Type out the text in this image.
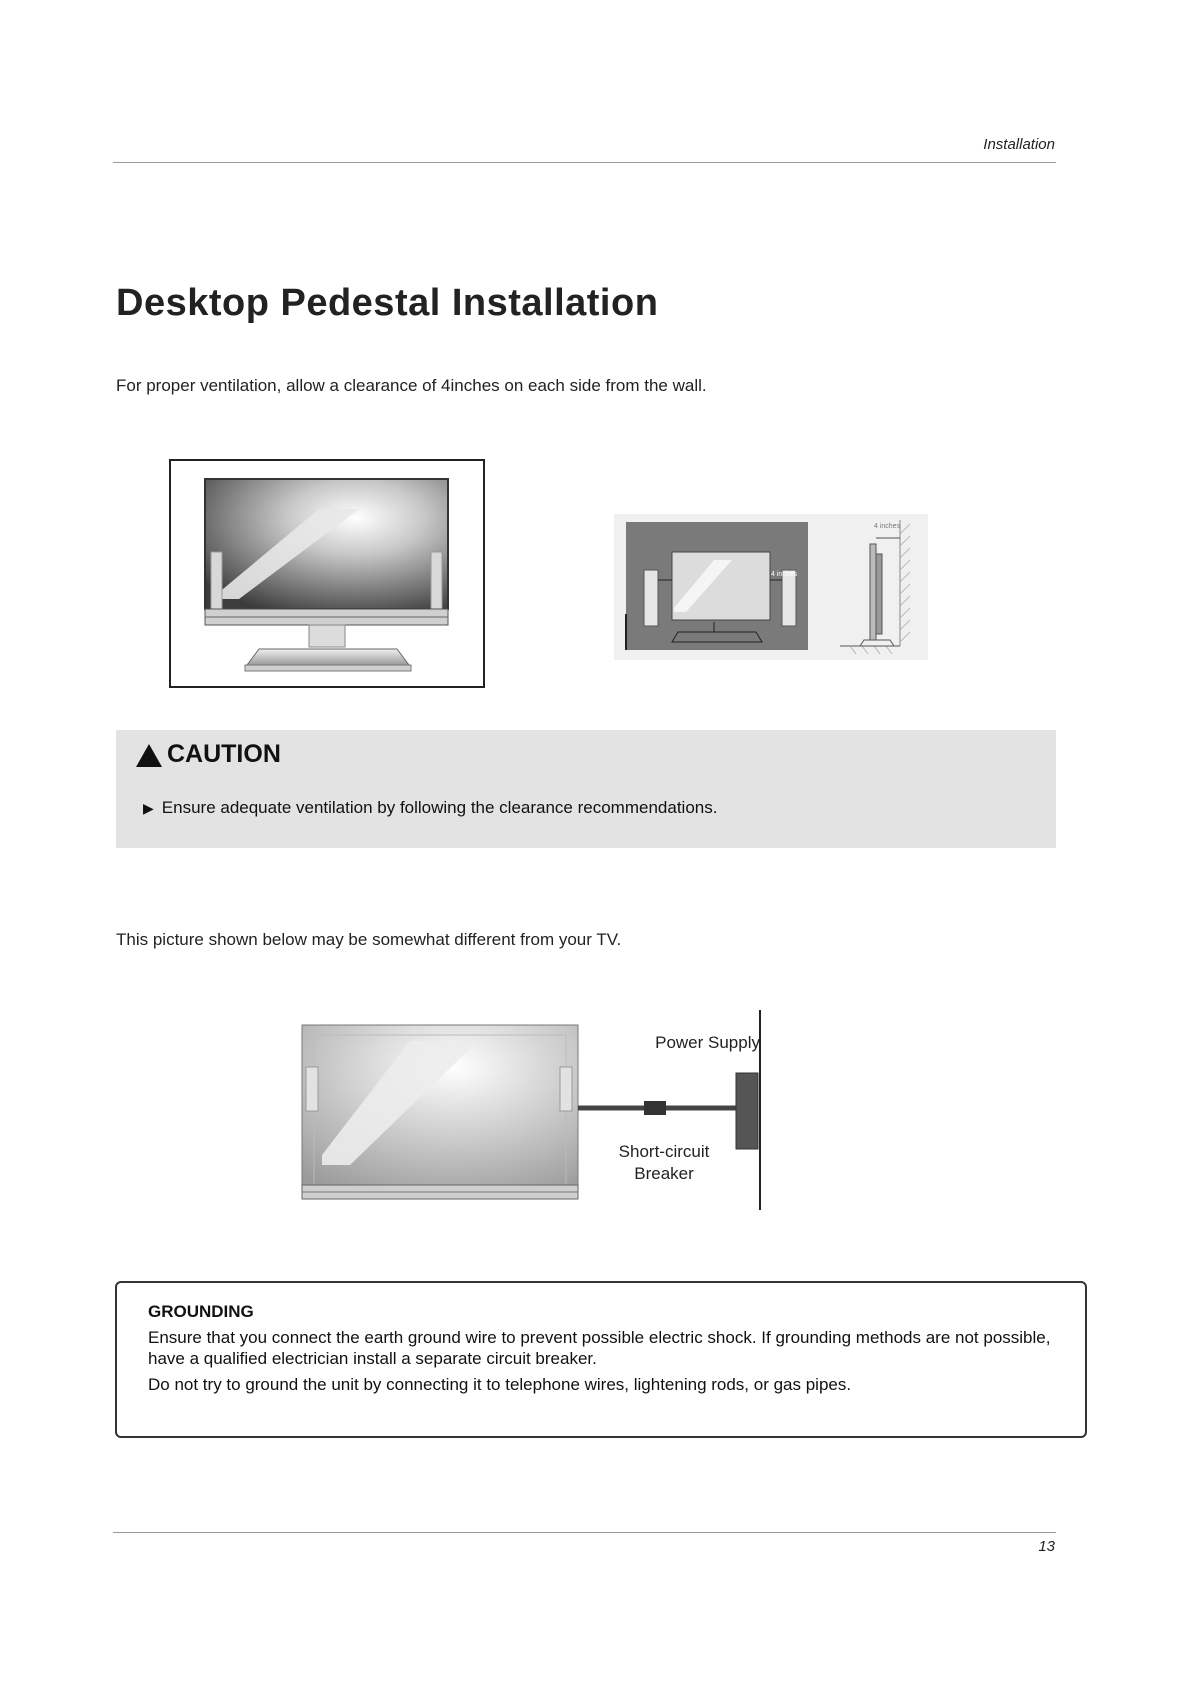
Installation
Desktop Pedestal Installation
For proper ventilation, allow a clearance of 4inches on each side from the wall.
4 inches
4 inches
CAUTION
▶ Ensure adequate ventilation by following the clearance recommendations.
This picture shown below may be somewhat different from your TV.
Power Supply
Short-circuit
Breaker
GROUNDING

Ensure that you connect the earth ground wire to prevent possible electric shock. If grounding methods are not possible, have a qualified electrician install a separate circuit breaker.

Do not try to ground the unit by connecting it to telephone wires, lightening rods, or gas pipes.

13
